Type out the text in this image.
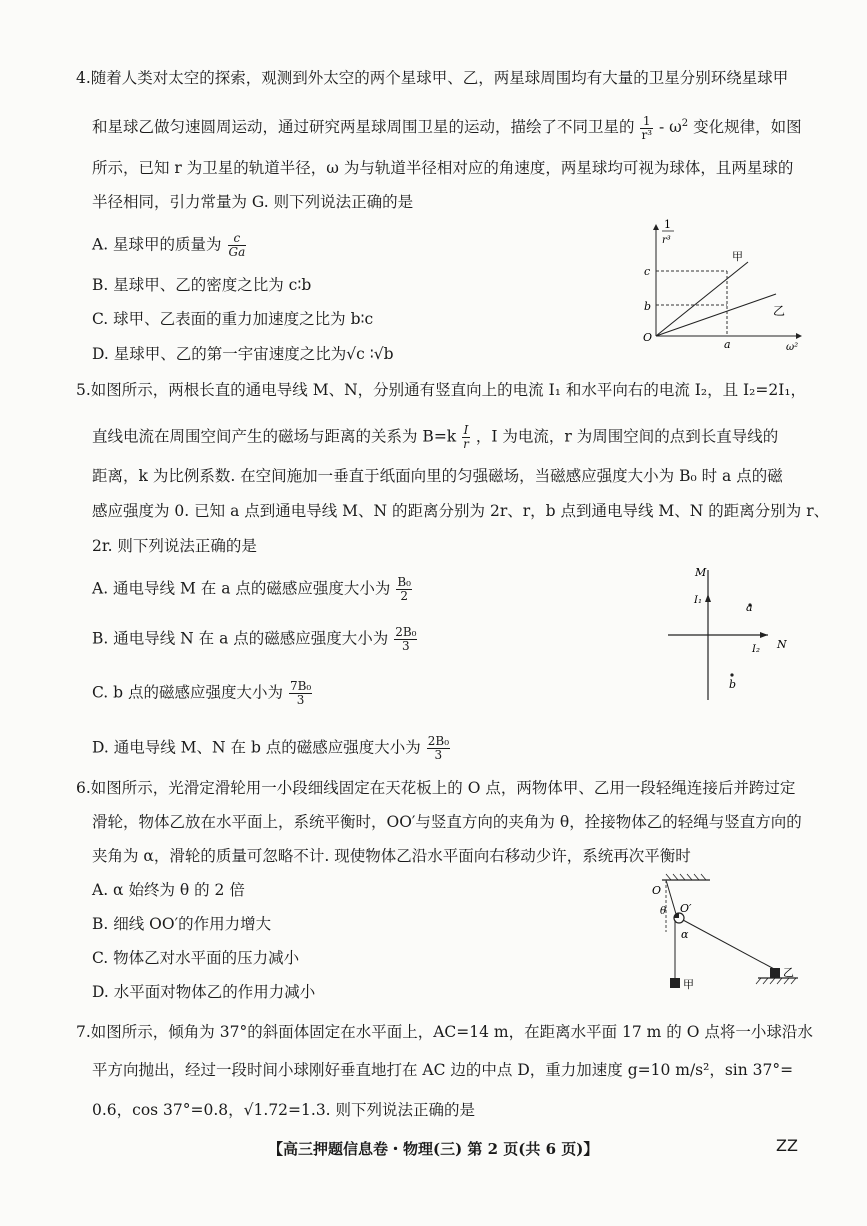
4.随着人类对太空的探索，观测到外太空的两个星球甲、乙，两星球周围均有大量的卫星分别环绕星球甲
和星球乙做匀速圆周运动，通过研究两星球周围卫星的运动，描绘了不同卫星的 $\frac{1}{\text{r³}} - \omega^2$ 变化规律，如图
所示，已知 r 为卫星的轨道半径，ω 为与轨道半径相对应的角速度，两星球均可视为球体，且两星球的
半径相同，引力常量为 G. 则下列说法正确的是
A. 星球甲的质量为 $\frac{c}{Ga}$
B. 星球甲、乙的密度之比为 c∶b
C. 球甲、乙表面的重力加速度之比为 b∶c
D. 星球甲、乙的第一宇宙速度之比为√c ∶√b
1
r³
c
b
O
a	ω²
甲
乙
5.如图所示，两根长直的通电导线 M、N，分别通有竖直向上的电流 I₁ 和水平向右的电流 I₂，且 I₂=2I₁，
直线电流在周围空间产生的磁场与距离的关系为 $B=k \frac{I}{r}$ ，I 为电流，r 为周围空间的点到长直导线的
距离，k 为比例系数. 在空间施加一垂直于纸面向里的匀强磁场，当磁感应强度大小为 B₀ 时 a 点的磁
感应强度为 0. 已知 a 点到通电导线 M、N 的距离分别为 2r、r，b 点到通电导线 M、N 的距离分别为 r、
2r. 则下列说法正确的是
A. 通电导线 M 在 a 点的磁感应强度大小为 $\frac{\text{B₀}}{2}$
B. 通电导线 N 在 a 点的磁感应强度大小为 $\frac{\text{2B₀}}{3}$
C. b 点的磁感应强度大小为 $\frac{\text{7B₀}}{3}$
D. 通电导线 M、N 在 b 点的磁感应强度大小为 $\frac{\text{2B₀}}{3}$
M
I₁
N
I₂
a
b
6.如图所示，光滑定滑轮用一小段细线固定在天花板上的 O 点，两物体甲、乙用一段轻绳连接后并跨过定
滑轮，物体乙放在水平面上，系统平衡时，OO′与竖直方向的夹角为 θ，拴接物体乙的轻绳与竖直方向的
夹角为 α，滑轮的质量可忽略不计. 现使物体乙沿水平面向右移动少许，系统再次平衡时
A. α 始终为 θ 的 2 倍
B. 细线 OO′的作用力增大
C. 物体乙对水平面的压力减小
D. 水平面对物体乙的作用力减小
O
O′
θ
α
甲
乙
7.如图所示，倾角为 37°的斜面体固定在水平面上，AC=14 m，在距离水平面 17 m 的 O 点将一小球沿水
平方向抛出，经过一段时间小球刚好垂直地打在 AC 边的中点 D，重力加速度 g=10 m/s²，sin 37°=
0.6，cos 37°=0.8，√1.72=1.3. 则下列说法正确的是
【高三押题信息卷・物理(三) 第 2 页(共 6 页)】	ZZ
